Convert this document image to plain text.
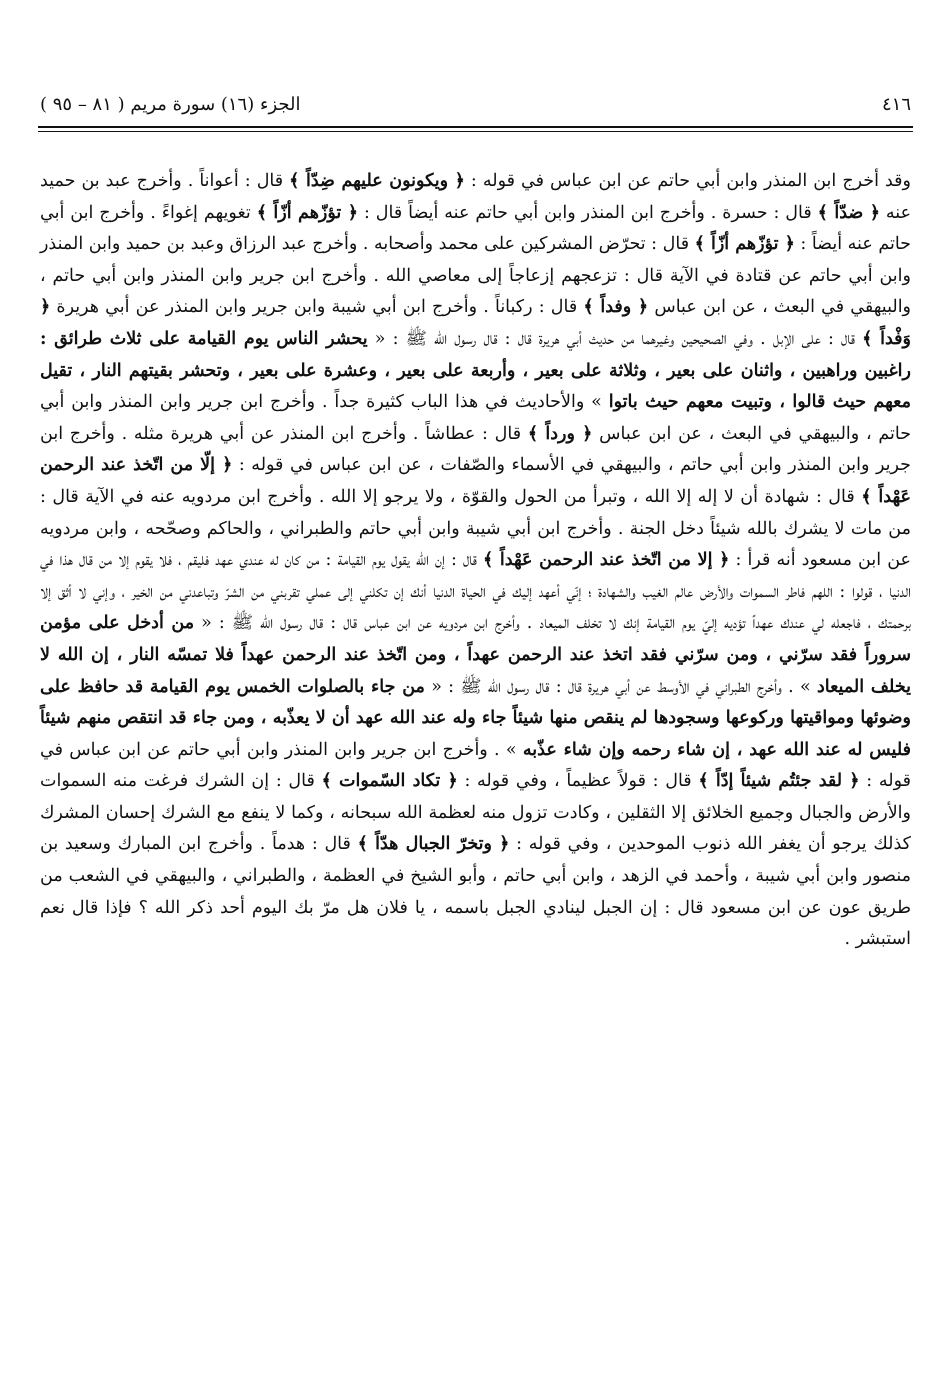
٤١٦
الجزء (١٦) سورة مريم ( ٨١ – ٩٥ )

وقد أخرج ابن المنذر وابن أبي حاتم عن ابن عباس في قوله : ﴿ ويكونون عليهم ضِدّاً ﴾ قال : أعواناً . وأخرج عبد بن حميد عنه ﴿ ضدّاً ﴾ قال : حسرة . وأخرج ابن المنذر وابن أبي حاتم عنه أيضاً قال : ﴿ تؤزّهم أزّاً ﴾ تغويهم إغواءً . وأخرج ابن أبي حاتم عنه أيضاً : ﴿ تؤزّهم أزّاً ﴾ قال : تحرّض المشركين على محمد وأصحابه . وأخرج عبد الرزاق وعبد بن حميد وابن المنذر وابن أبي حاتم عن قتادة في الآية قال : تزعجهم إزعاجاً إلى معاصي الله . وأخرج ابن جرير وابن المنذر وابن أبي حاتم ، والبيهقي في البعث ، عن ابن عباس ﴿ وفداً ﴾ قال : ركباناً . وأخرج ابن أبي شيبة وابن جرير وابن المنذر عن أبي هريرة ﴿ وَفْداً ﴾ قال : على الإبل . وفي الصحيحين وغيرهما من حديث أبي هريرة قال : قال رسول الله ﷺ : « يحشر الناس يوم القيامة على ثلاث طرائق : راغبين وراهبين ، واثنان على بعير ، وثلاثة على بعير ، وأربعة على بعير ، وعشرة على بعير ، وتحشر بقيتهم النار ، تقيل معهم حيث قالوا ، وتبيت معهم حيث باتوا » والأحاديث في هذا الباب كثيرة جداً . وأخرج ابن جرير وابن المنذر وابن أبي حاتم ، والبيهقي في البعث ، عن ابن عباس ﴿ ورداً ﴾ قال : عطاشاً . وأخرج ابن المنذر عن أبي هريرة مثله . وأخرج ابن جرير وابن المنذر وابن أبي حاتم ، والبيهقي في الأسماء والصّفات ، عن ابن عباس في قوله : ﴿ إلّا من اتّخذ عند الرحمن عَهْداً ﴾ قال : شهادة أن لا إله إلا الله ، وتبرأ من الحول والقوّة ، ولا يرجو إلا الله . وأخرج ابن مردويه عنه في الآية قال : من مات لا يشرك بالله شيئاً دخل الجنة . وأخرج ابن أبي شيبة وابن أبي حاتم والطبراني ، والحاكم وصحّحه ، وابن مردويه عن ابن مسعود أنه قرأ : ﴿ إلا من اتّخذ عند الرحمن عَهْداً ﴾ قال : إن الله يقول يوم القيامة : من كان له عندي عهد فليقم ، فلا يقوم إلا من قال هذا في الدنيا ، قولوا : اللهم فاطر السموات والأرض عالم الغيب والشهادة ؛ إنّي أعهد إليك في الحياة الدنيا أنك إن تكلني إلى عملي تقربني من الشرّ وتباعدني من الخير ، وإني لا أثق إلا برحمتك ، فاجعله لي عندك عهداً تؤديه إليّ يوم القيامة إنك لا تخلف الميعاد . وأخرج ابن مردويه عن ابن عباس قال : قال رسول الله ﷺ : « من أدخل على مؤمن سروراً فقد سرّني ، ومن سرّني فقد اتخذ عند الرحمن عهداً ، ومن اتّخذ عند الرحمن عهداً فلا تمسّه النار ، إن الله لا يخلف الميعاد » . وأخرج الطبراني في الأوسط عن أبي هريرة قال : قال رسول الله ﷺ : « من جاء بالصلوات الخمس يوم القيامة قد حافظ على وضوئها ومواقيتها وركوعها وسجودها لم ينقص منها شيئاً جاء وله عند الله عهد أن لا يعذّبه ، ومن جاء قد انتقص منهم شيئاً فليس له عند الله عهد ، إن شاء رحمه وإن شاء عذّبه » . وأخرج ابن جرير وابن المنذر وابن أبي حاتم عن ابن عباس في قوله : ﴿ لقد جئتُم شيئاً إدّاً ﴾ قال : قولاً عظيماً ، وفي قوله : ﴿ تكاد السّموات ﴾ قال : إن الشرك فرغت منه السموات والأرض والجبال وجميع الخلائق إلا الثقلين ، وكادت تزول منه لعظمة الله سبحانه ، وكما لا ينفع مع الشرك إحسان المشرك كذلك يرجو أن يغفر الله ذنوب الموحدين ، وفي قوله : ﴿ وتخرّ الجبال هدّاً ﴾ قال : هدماً . وأخرج ابن المبارك وسعيد بن منصور وابن أبي شيبة ، وأحمد في الزهد ، وابن أبي حاتم ، وأبو الشيخ في العظمة ، والطبراني ، والبيهقي في الشعب من طريق عون عن ابن مسعود قال : إن الجبل لينادي الجبل باسمه ، يا فلان هل مرّ بك اليوم أحد ذكر الله ؟ فإذا قال نعم استبشر .
